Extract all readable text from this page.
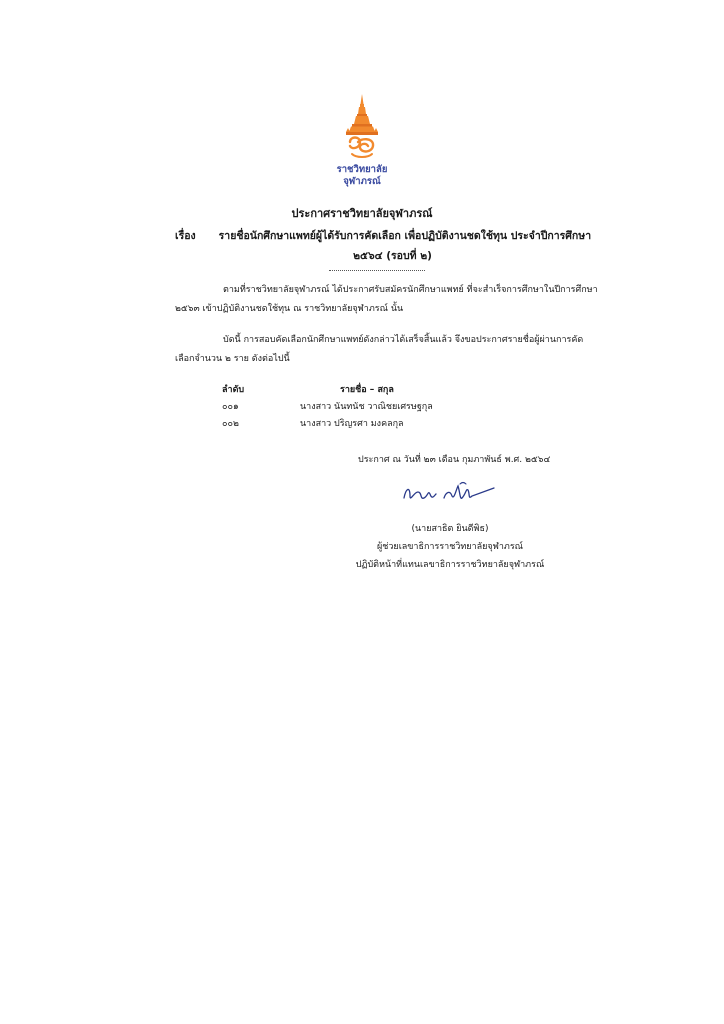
ราชวิทยาลัย
จุฬาภรณ์
ประกาศราชวิทยาลัยจุฬาภรณ์
เรื่อง รายชื่อนักศึกษาแพทย์ผู้ได้รับการคัดเลือก เพื่อปฏิบัติงานชดใช้ทุน ประจำปีการศึกษา
๒๕๖๔ (รอบที่ ๒)
ตามที่ราชวิทยาลัยจุฬาภรณ์ ได้ประกาศรับสมัครนักศึกษาแพทย์ ที่จะสำเร็จการศึกษาในปีการศึกษา
๒๕๖๓ เข้าปฏิบัติงานชดใช้ทุน ณ ราชวิทยาลัยจุฬาภรณ์ นั้น
บัดนี้ การสอบคัดเลือกนักศึกษาแพทย์ดังกล่าวได้เสร็จสิ้นแล้ว จึงขอประกาศรายชื่อผู้ผ่านการคัด
เลือกจำนวน ๒ ราย ดังต่อไปนี้
ลำดับ	รายชื่อ – สกุล
๐๐๑	นางสาว นันทนัช วาณิชยเศรษฐกุล
๐๐๒	นางสาว ปริญรศา มงคลกุล
ประกาศ ณ วันที่ ๒๓ เดือน กุมภาพันธ์ พ.ศ. ๒๕๖๔
(นายสาธิต ยินดีพิธ)
ผู้ช่วยเลขาธิการราชวิทยาลัยจุฬาภรณ์
ปฏิบัติหน้าที่แทนเลขาธิการราชวิทยาลัยจุฬาภรณ์
